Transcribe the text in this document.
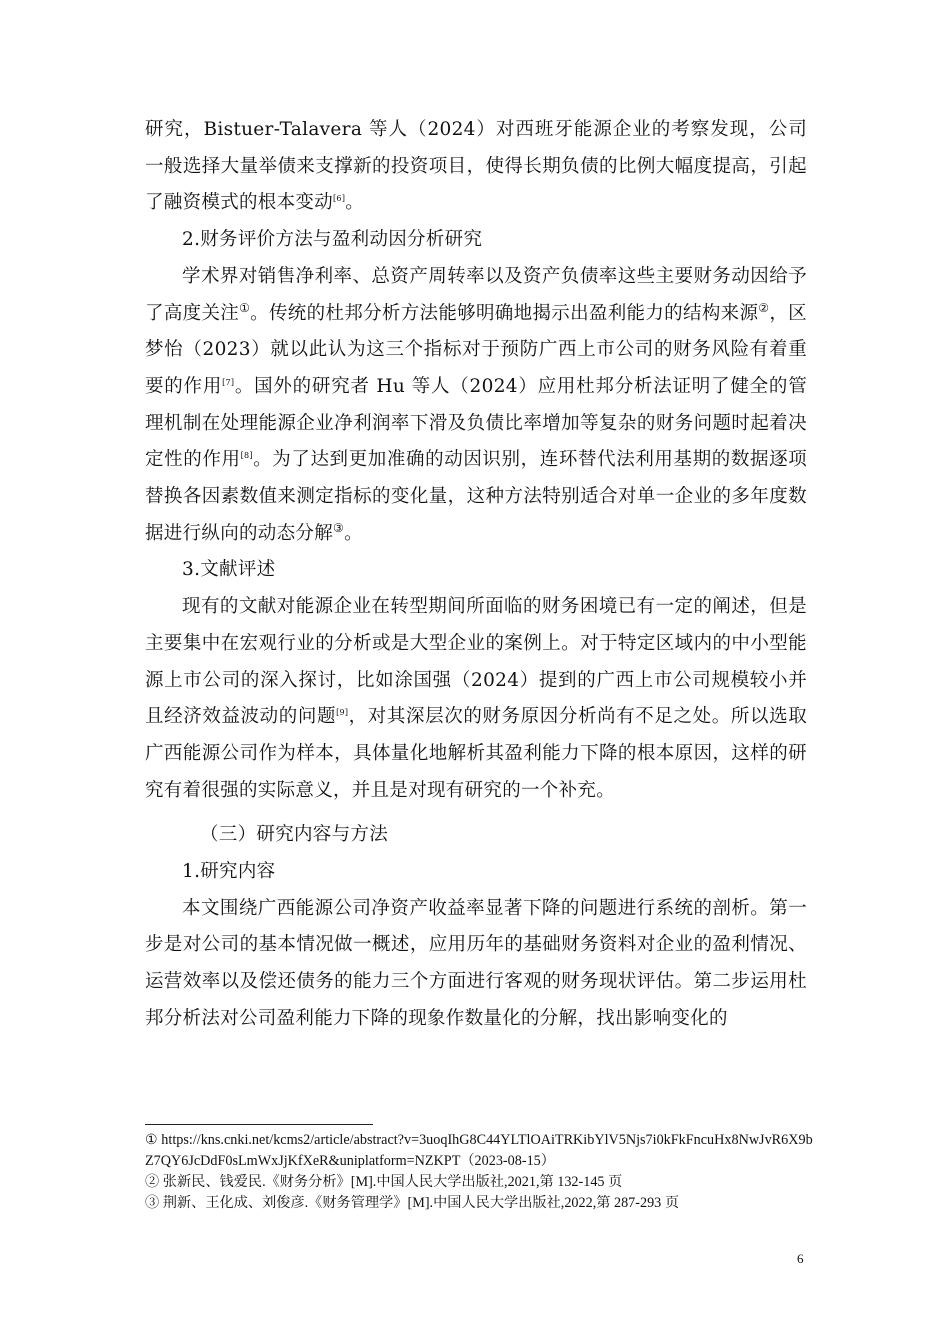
研究，Bistuer-Talavera 等人（2024）对西班牙能源企业的考察发现，公司一般选择大量举债来支撑新的投资项目，使得长期负债的比例大幅度提高，引起了融资模式的根本变动[6]。

2.财务评价方法与盈利动因分析研究

学术界对销售净利率、总资产周转率以及资产负债率这些主要财务动因给予了高度关注①。传统的杜邦分析方法能够明确地揭示出盈利能力的结构来源②，区梦怡（2023）就以此认为这三个指标对于预防广西上市公司的财务风险有着重要的作用[7]。国外的研究者 Hu 等人（2024）应用杜邦分析法证明了健全的管理机制在处理能源企业净利润率下滑及负债比率增加等复杂的财务问题时起着决定性的作用[8]。为了达到更加准确的动因识别，连环替代法利用基期的数据逐项替换各因素数值来测定指标的变化量，这种方法特别适合对单一企业的多年度数据进行纵向的动态分解③。

3.文献评述

现有的文献对能源企业在转型期间所面临的财务困境已有一定的阐述，但是主要集中在宏观行业的分析或是大型企业的案例上。对于特定区域内的中小型能源上市公司的深入探讨，比如涂国强（2024）提到的广西上市公司规模较小并且经济效益波动的问题[9]，对其深层次的财务原因分析尚有不足之处。所以选取广西能源公司作为样本，具体量化地解析其盈利能力下降的根本原因，这样的研究有着很强的实际意义，并且是对现有研究的一个补充。

（三）研究内容与方法

1.研究内容

本文围绕广西能源公司净资产收益率显著下降的问题进行系统的剖析。第一步是对公司的基本情况做一概述，应用历年的基础财务资料对企业的盈利情况、运营效率以及偿还债务的能力三个方面进行客观的财务现状评估。第二步运用杜邦分析法对公司盈利能力下降的现象作数量化的分解，找出影响变化的

① https://kns.cnki.net/kcms2/article/abstract?v=3uoqIhG8C44YLTlOAiTRKibYlV5Njs7i0kFkFncuHx8NwJvR6X9bZ7QY6JcDdF0sLmWxJjKfXeR&uniplatform=NZKPT（2023-08-15）

② 张新民、钱爱民.《财务分析》[M].中国人民大学出版社,2021,第 132-145 页

③ 荆新、王化成、刘俊彦.《财务管理学》[M].中国人民大学出版社,2022,第 287-293 页

6
